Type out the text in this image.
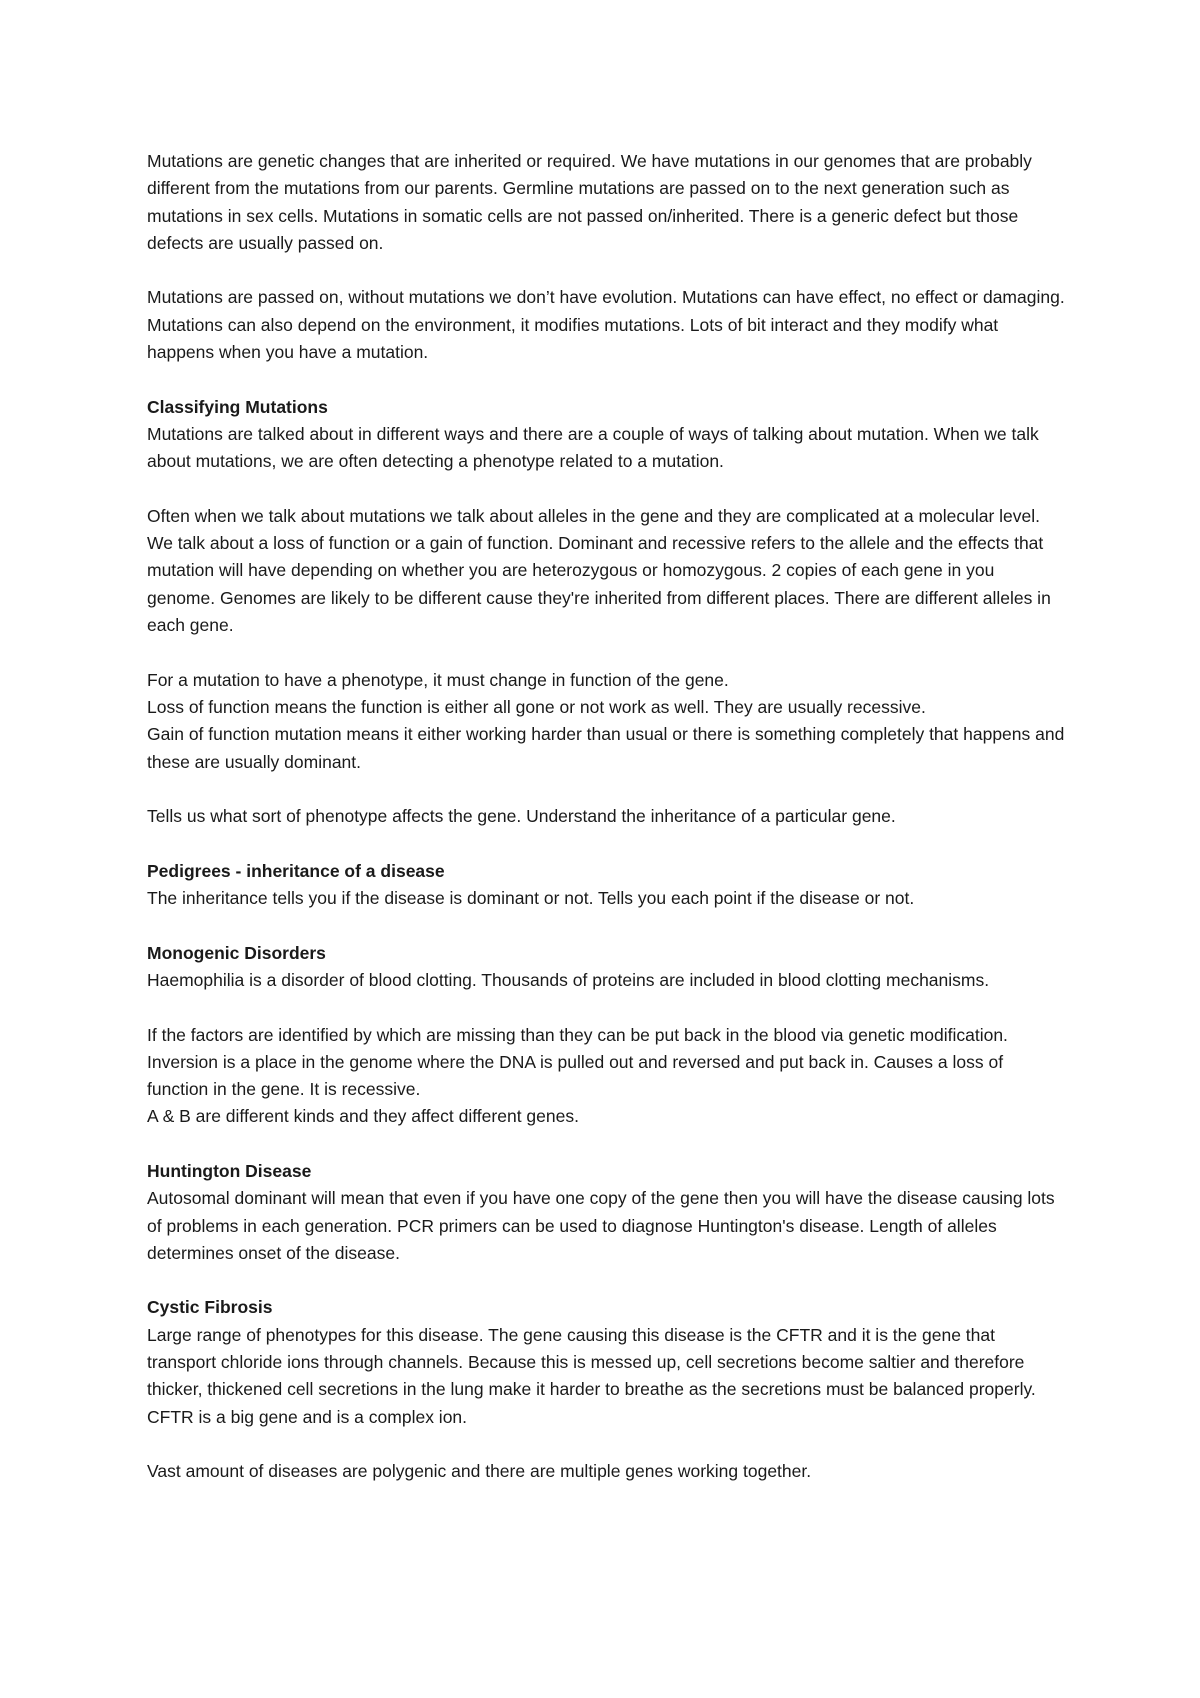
Mutations are genetic changes that are inherited or required. We have mutations in our genomes that are probably different from the mutations from our parents. Germline mutations are passed on to the next generation such as mutations in sex cells. Mutations in somatic cells are not passed on/inherited. There is a generic defect but those defects are usually passed on.
Mutations are passed on, without mutations we don’t have evolution. Mutations can have effect, no effect or damaging. Mutations can also depend on the environment, it modifies mutations. Lots of bit interact and they modify what happens when you have a mutation.
Classifying Mutations
Mutations are talked about in different ways and there are a couple of ways of talking about mutation. When we talk about mutations, we are often detecting a phenotype related to a mutation.
Often when we talk about mutations we talk about alleles in the gene and they are complicated at a molecular level. We talk about a loss of function or a gain of function. Dominant and recessive refers to the allele and the effects that mutation will have depending on whether you are heterozygous or homozygous. 2 copies of each gene in you genome. Genomes are likely to be different cause they're inherited from different places. There are different alleles in each gene.
For a mutation to have a phenotype, it must change in function of the gene.
Loss of function means the function is either all gone or not work as well. They are usually recessive.
Gain of function mutation means it either working harder than usual or there is something completely that happens and these are usually dominant.
Tells us what sort of phenotype affects the gene. Understand the inheritance of a particular gene.
Pedigrees - inheritance of a disease
The inheritance tells you if the disease is dominant or not. Tells you each point if the disease or not.
Monogenic Disorders
Haemophilia is a disorder of blood clotting. Thousands of proteins are included in blood clotting mechanisms.
If the factors are identified by which are missing than they can be put back in the blood via genetic modification.
Inversion is a place in the genome where the DNA is pulled out and reversed and put back in. Causes a loss of function in the gene. It is recessive.
A & B are different kinds and they affect different genes.
Huntington Disease
Autosomal dominant will mean that even if you have one copy of the gene then you will have the disease causing lots of problems in each generation. PCR primers can be used to diagnose Huntington's disease. Length of alleles determines onset of the disease.
Cystic Fibrosis
Large range of phenotypes for this disease. The gene causing this disease is the CFTR and it is the gene that transport chloride ions through channels. Because this is messed up, cell secretions become saltier and therefore thicker, thickened cell secretions in the lung make it harder to breathe as the secretions must be balanced properly. CFTR is a big gene and is a complex ion.
Vast amount of diseases are polygenic and there are multiple genes working together.
